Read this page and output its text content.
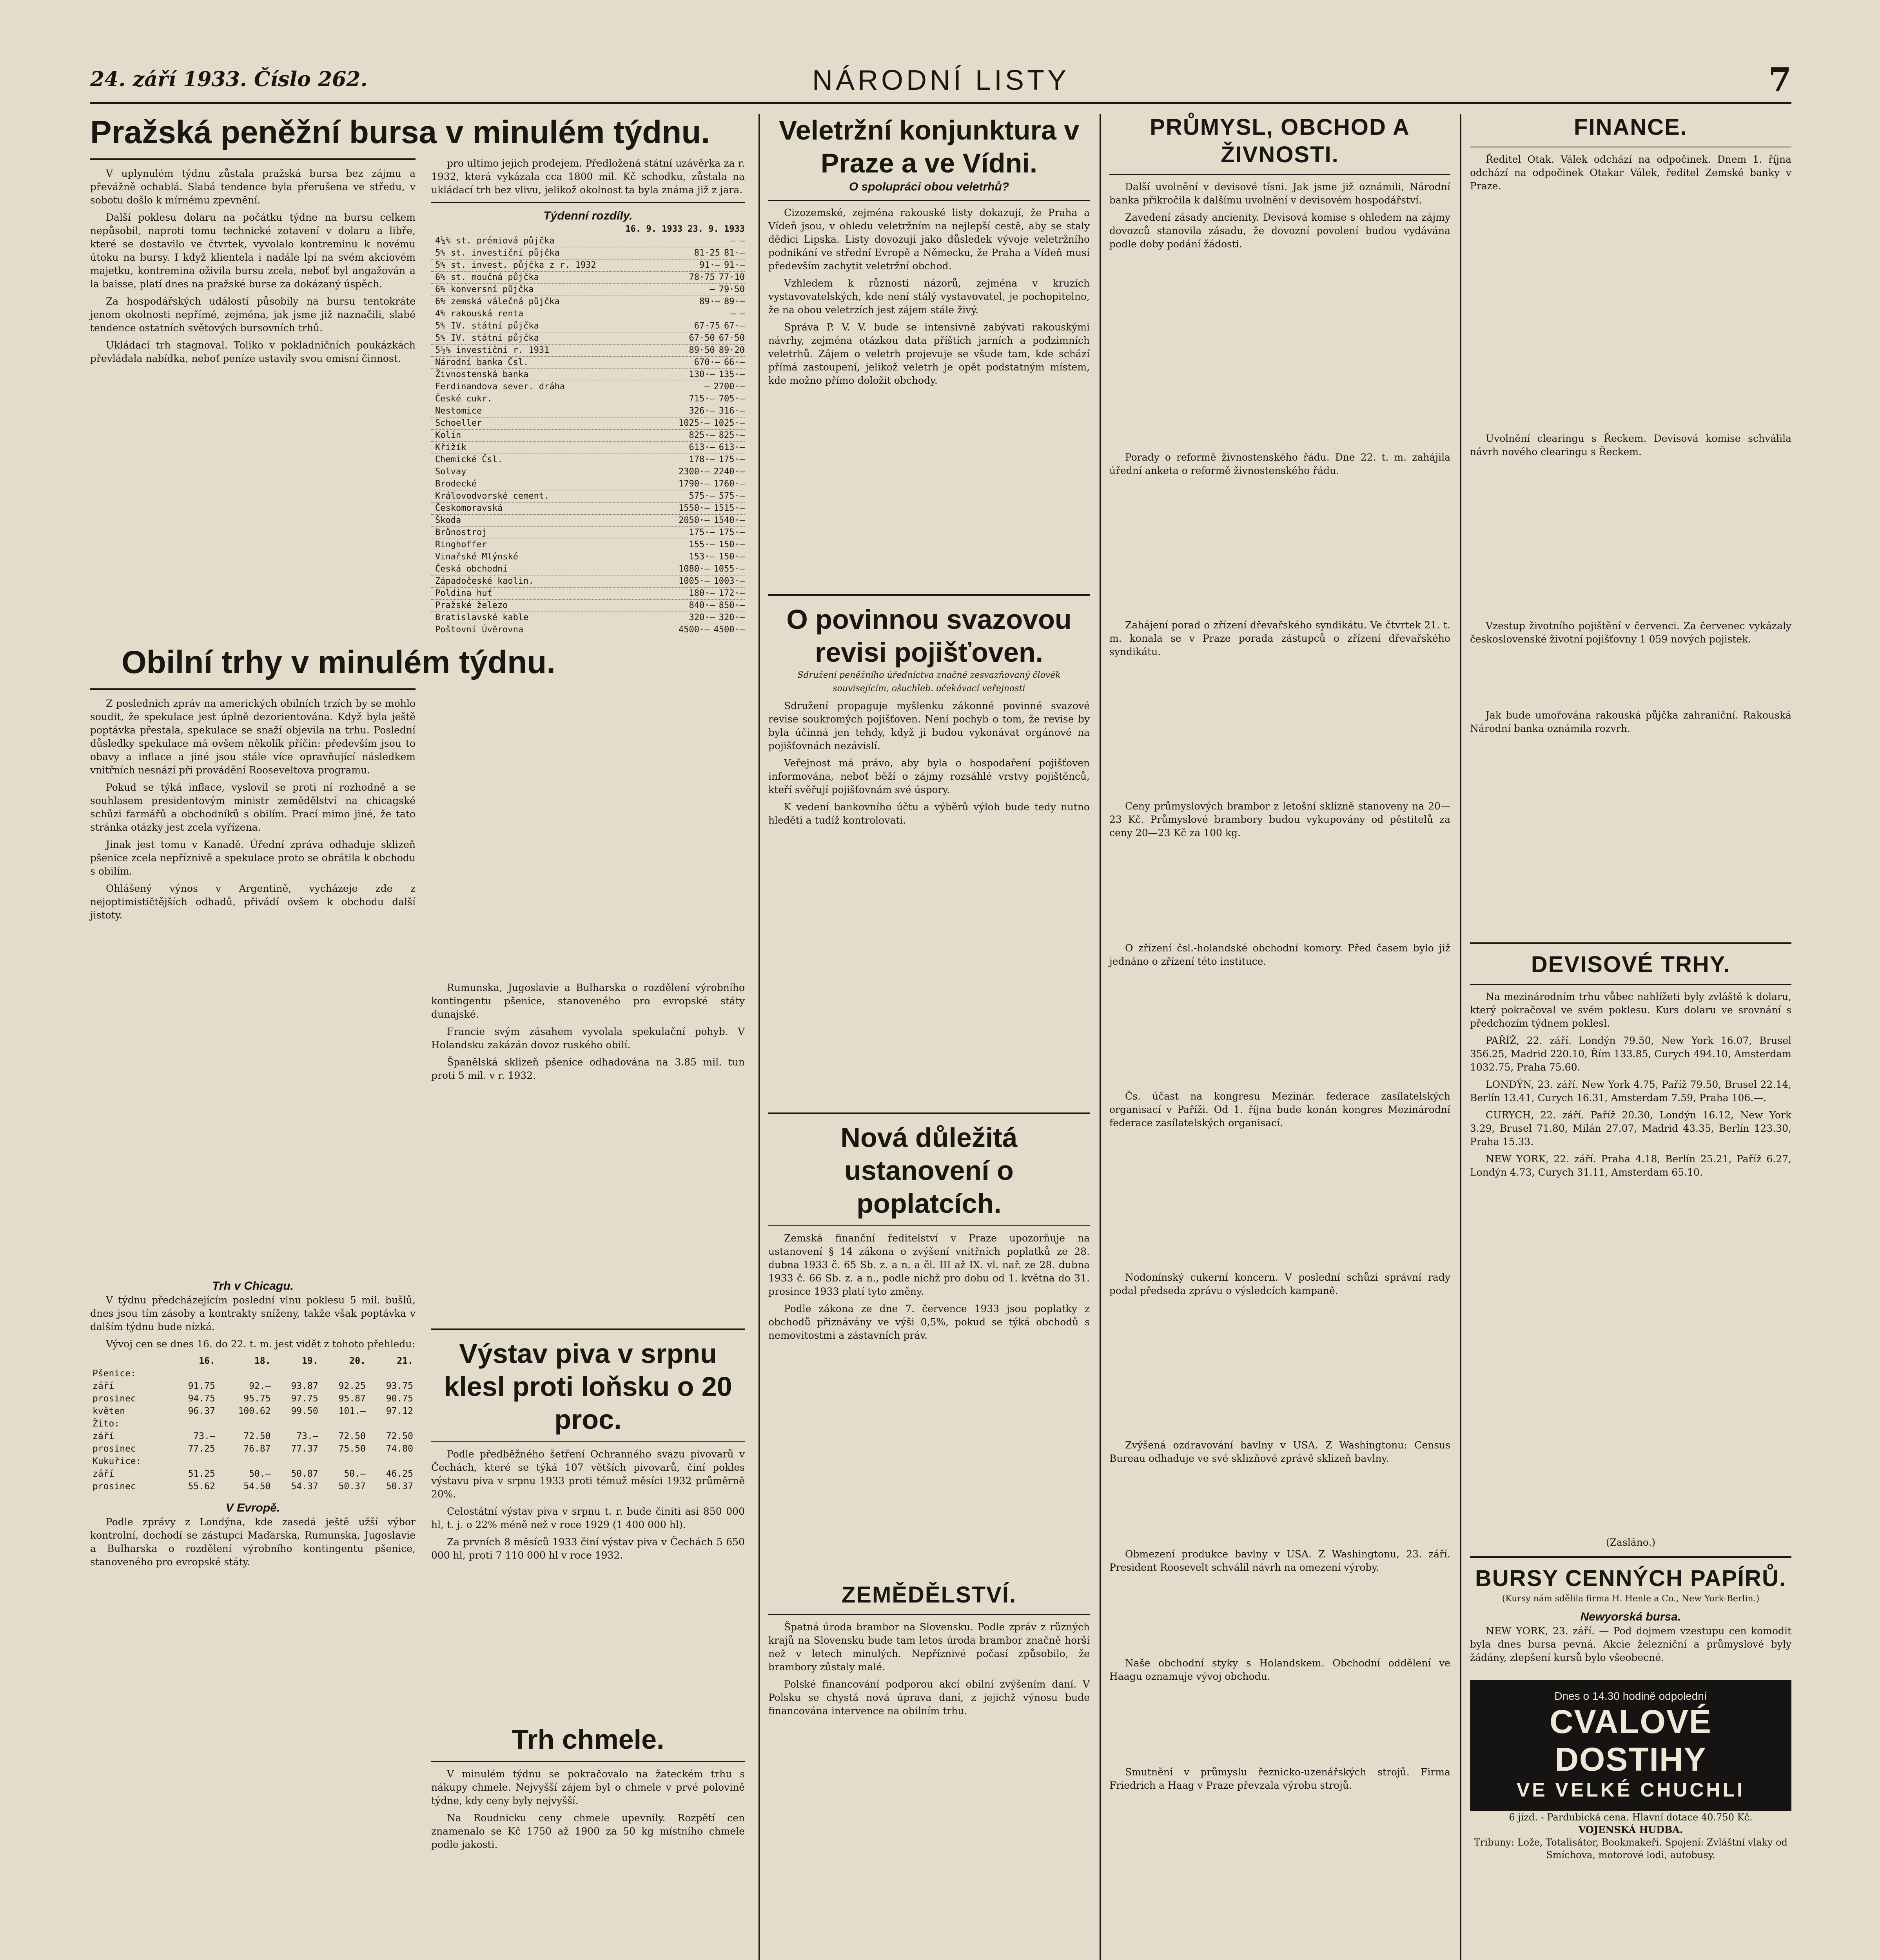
24. září 1933. Číslo 262.	NÁRODNÍ LISTY	7
Pražská peněžní bursa v minulém týdnu.

V uplynulém týdnu zůstala pražská bursa bez zájmu a převážně ochablá. Slabá tendence byla přerušena ve středu, v sobotu došlo k mírnému zpevnění.

Další poklesu dolaru na počátku týdne na bursu celkem nepůsobil, naproti tomu technické zotavení v dolaru a libře, které se dostavilo ve čtvrtek, vyvolalo kontreminu k novému útoku na bursy. I když klientela i nadále lpí na svém akciovém majetku, kontremina oživila bursu zcela, neboť byl angažován a la baisse, platí dnes na pražské burse za dokázaný úspěch.

Za hospodářských událostí působily na bursu tentokráte jenom okolnosti nepřímé, zejména, jak jsme již naznačili, slabé tendence ostatních světových bursovních trhů.

Ukládací trh stagnoval. Toliko v pokladničních poukázkách převládala nabídka, neboť peníze ustavily svou emisní činnost.

Obilní trhy v minulém týdnu.

Z posledních zpráv na amerických obilních trzích by se mohlo soudit, že spekulace jest úplně dezorientována. Když byla ještě poptávka přestala, spekulace se snaží objevila na trhu. Poslední důsledky spekulace má ovšem několik příčin: především jsou to obavy a inflace a jiné jsou stále více opravňující následkem vnitřních nesnází při provádění Rooseveltova programu.

Pokud se týká inflace, vyslovil se proti ní rozhodně a se souhlasem presidentovým ministr zemědělství na chicagské schůzi farmářů a obchodníků s obilím. Prací mimo jiné, že tato stránka otázky jest zcela vyřízena.

Jinak jest tomu v Kanadě. Úřední zpráva odhaduje sklizeň pšenice zcela nepříznivě a spekulace proto se obrátila k obchodu s obilím.

Ohlášený výnos v Argentině, vycházeje zde z nejoptimističtějších odhadů, přivádí ovšem k obchodu další jistoty.

Trh v Chicagu.

V týdnu předcházejícím poslední vlnu poklesu 5 mil. bušlů, dnes jsou tím zásoby a kontrakty sníženy, takže však poptávka v dalším týdnu bude nízká.

Vývoj cen se dnes 16. do 22. t. m. jest vidět z tohoto přehledu:

	16.	18.	19.	20.	21.
Pšenice:					
září	91.75	92.—	93.87	92.25	93.75
prosinec	94.75	95.75	97.75	95.87	90.75
květen	96.37	100.62	99.50	101.—	97.12
Žito:					
září	73.—	72.50	73.—	72.50	72.50
prosinec	77.25	76.87	77.37	75.50	74.80
Kukuřice:					
září	51.25	50.—	50.87	50.—	46.25
prosinec	55.62	54.50	54.37	50.37	50.37
V Evropě.

Podle zprávy z Londýna, kde zasedá ještě užší výbor kontrolní, dochodí se zástupci Maďarska, Rumunska, Jugoslavie a Bulharska o rozdělení výrobního kontingentu pšenice, stanoveného pro evropské státy.

pro ultimo jejich prodejem. Předložená státní uzávěrka za r. 1932, která vykázala cca 1800 mil. Kč schodku, zůstala na ukládací trh bez vlivu, jelikož okolnost ta byla známa již z jara.

Týdenní rozdíly.
16. 9. 1933 23. 9. 1933
4¼% st. prémiová půjčka	— —
5% st. investiční půjčka	81·25 81·—
5% st. invest. půjčka z r. 1932	91·— 91·—
6% st. moučná půjčka	78·75 77·10
6% konversní půjčka	— 79·50
6% zemská válečná půjčka	89·— 89·—
4% rakouská renta	— —
5% IV. státní půjčka	67·75 67·—
5% IV. státní půjčka	67·50 67·50
5½% investiční r. 1931	89·50 89·20
Národní banka Čsl.	670·— 66·—
Živnostenská banka	130·— 135·—
Ferdinandova sever. dráha	— 2700·—
České cukr.	715·— 705·—
Nestomice	326·— 316·—
Schoeller	1025·— 1025·—
Kolín	825·— 825·—
Křižík	613·— 613·—
Chemické Čsl.	178·— 175·—
Solvay	2300·— 2240·—
Brodecké	1790·— 1760·—
Královodvorské cement.	575·— 575·—
Českomoravská	1550·— 1515·—
Škoda	2050·— 1540·—
Brůnostroj	175·— 175·—
Ringhoffer	155·— 150·—
Vinařské Mlýnské	153·— 150·—
Česká obchodní	1080·— 1055·—
Západočeské kaolin.	1005·— 1003·—
Poldina huť	180·— 172·—
Pražské železo	840·— 850·—
Bratislavské kable	320·— 320·—
Poštovní Úvěrovna	4500·— 4500·—

Rumunska, Jugoslavie a Bulharska o rozdělení výrobního kontingentu pšenice, stanoveného pro evropské státy dunajské.

Francie svým zásahem vyvolala spekulační pohyb. V Holandsku zakázán dovoz ruského obilí.

Španělská sklizeň pšenice odhadována na 3.85 mil. tun proti 5 mil. v r. 1932.

Výstav piva v srpnu klesl proti loňsku o 20 proc.

Podle předběžného šetření Ochranného svazu pivovarů v Čechách, které se týká 107 větších pivovarů, činí pokles výstavu piva v srpnu 1933 proti témuž měsíci 1932 průměrně 20%.

Celostátní výstav piva v srpnu t. r. bude činiti asi 850 000 hl, t. j. o 22% méně než v roce 1929 (1 400 000 hl).

Za prvních 8 měsíců 1933 činí výstav piva v Čechách 5 650 000 hl, proti 7 110 000 hl v roce 1932.

Trh chmele.

V minulém týdnu se pokračovalo na žateckém trhu s nákupy chmele. Nejvyšší zájem byl o chmele v prvé polovině týdne, kdy ceny byly nejvyšší.

Na Roudnicku ceny chmele upevnily. Rozpětí cen znamenalo se Kč 1750 až 1900 za 50 kg místního chmele podle jakosti.

Veletržní konjunktura v Praze a ve Vídni.
O spolupráci obou veletrhů?

Cizozemské, zejména rakouské listy dokazují, že Praha a Vídeň jsou, v ohledu veletržním na nejlepší cestě, aby se staly dědici Lipska. Listy dovozují jako důsledek vývoje veletržního podnikání ve střední Evropě a Německu, že Praha a Vídeň musí především zachytit veletržní obchod.

Vzhledem k různosti názorů, zejména v kruzích vystavovatelských, kde není stálý vystavovatel, je pochopitelno, že na obou veletrzích jest zájem stále živý.

Správa P. V. V. bude se intensivně zabývati rakouskými návrhy, zejména otázkou data příštích jarních a podzimních veletrhů. Zájem o veletrh projevuje se všude tam, kde schází přímá zastoupení, jelikož veletrh je opět podstatným místem, kde možno přímo doložit obchody.

O povinnou svazovou revisi pojišťoven.

Sdružení peněžního úředníctva značně zesvazňovaný člověk souvisejícím, ošuchleb. očekávací veřejnosti

Sdružení propaguje myšlenku zákonné povinné svazové revise soukromých pojišťoven. Není pochyb o tom, že revise by byla účinná jen tehdy, když ji budou vykonávat orgánové na pojišťovnách nezávislí.

Veřejnost má právo, aby byla o hospodaření pojišťoven informována, neboť běží o zájmy rozsáhlé vrstvy pojištěnců, kteří svěřují pojišťovnám své úspory.

K vedení bankovního účtu a výběrů výloh bude tedy nutno hleděti a tudíž kontrolovati.

Nová důležitá ustanovení o poplatcích.

Zemská finanční ředitelství v Praze upozorňuje na ustanovení § 14 zákona o zvýšení vnitřních poplatků ze 28. dubna 1933 č. 65 Sb. z. a n. a čl. III až IX. vl. nař. ze 28. dubna 1933 č. 66 Sb. z. a n., podle nichž pro dobu od 1. května do 31. prosince 1933 platí tyto změny.

Podle zákona ze dne 7. července 1933 jsou poplatky z obchodů přiznávány ve výši 0,5%, pokud se týká obchodů s nemovitostmi a zástavních práv.

ZEMĚDĚLSTVÍ.

Špatná úroda brambor na Slovensku. Podle zpráv z různých krajů na Slovensku bude tam letos úroda brambor značně horší než v letech minulých. Nepříznivé počasí způsobilo, že brambory zůstaly malé.

Polské financování podporou akcí obilní zvýšením daní. V Polsku se chystá nová úprava daní, z jejichž výnosu bude financována intervence na obilním trhu.

PRŮMYSL, OBCHOD A ŽIVNOSTI.

Další uvolnění v devisové tísni. Jak jsme již oznámili, Národní banka přikročila k dalšímu uvolnění v devisovém hospodářství.

Zavedení zásady ancienity. Devisová komise s ohledem na zájmy dovozců stanovila zásadu, že dovozní povolení budou vydávána podle doby podání žádosti.

Porady o reformě živnostenského řádu. Dne 22. t. m. zahájila úřední anketa o reformě živnostenského řádu.

Zahájení porad o zřízení dřevařského syndikátu. Ve čtvrtek 21. t. m. konala se v Praze porada zástupců o zřízení dřevařského syndikátu.

Ceny průmyslových brambor z letošní sklizně stanoveny na 20—23 Kč. Průmyslové brambory budou vykupovány od pěstitelů za ceny 20—23 Kč za 100 kg.

O zřízení čsl.-holandské obchodní komory. Před časem bylo již jednáno o zřízení této instituce.

Čs. účast na kongresu Mezinár. federace zasílatelských organisací v Paříži. Od 1. října bude konán kongres Mezinárodní federace zasílatelských organisací.

Nodonínský cukerní koncern. V poslední schůzi správní rady podal předseda zprávu o výsledcích kampaně.

Zvýšená ozdravování bavlny v USA. Z Washingtonu: Census Bureau odhaduje ve své sklizňové zprávě sklizeň bavlny.

Obmezení produkce bavlny v USA. Z Washingtonu, 23. září. President Roosevelt schválil návrh na omezení výroby.

Naše obchodní styky s Holandskem. Obchodní oddělení ve Haagu oznamuje vývoj obchodu.

Smutnění v průmyslu řeznicko-uzenářských strojů. Firma Friedrich a Haag v Praze převzala výrobu strojů.

FINANCE.

Ředitel Otak. Válek odchází na odpočinek. Dnem 1. října odchází na odpočinek Otakar Válek, ředitel Zemské banky v Praze.

Uvolnění clearingu s Řeckem. Devisová komise schválila návrh nového clearingu s Řeckem.

Vzestup životního pojištění v červenci. Za červenec vykázaly československé životní pojišťovny 1 059 nových pojistek.

Jak bude umořována rakouská půjčka zahraniční. Rakouská Národní banka oznámila rozvrh.

DEVISOVÉ TRHY.

Na mezinárodním trhu vůbec nahlížeti byly zvláště k dolaru, který pokračoval ve svém poklesu. Kurs dolaru ve srovnání s předchozím týdnem poklesl.

PAŘÍŽ, 22. září. Londýn 79.50, New York 16.07, Brusel 356.25, Madrid 220.10, Řím 133.85, Curych 494.10, Amsterdam 1032.75, Praha 75.60.

LONDÝN, 23. září. New York 4.75, Paříž 79.50, Brusel 22.14, Berlín 13.41, Curych 16.31, Amsterdam 7.59, Praha 106.—.

CURYCH, 22. září. Paříž 20.30, Londýn 16.12, New York 3.29, Brusel 71.80, Milán 27.07, Madrid 43.35, Berlín 123.30, Praha 15.33.

NEW YORK, 22. září. Praha 4.18, Berlín 25.21, Paříž 6.27, Londýn 4.73, Curych 31.11, Amsterdam 65.10.

(Zasláno.)

BURSY CENNÝCH PAPÍRŮ.

(Kursy nám sdělila firma H. Henle a Co., New York-Berlin.)

Newyorská bursa.

NEW YORK, 23. září. — Pod dojmem vzestupu cen komodit byla dnes bursa pevná. Akcie železniční a průmyslové byly žádány, zlepšení kursů bylo všeobecné.

Dnes o 14.30 hodině odpolední
CVALOVÉ DOSTIHY
VE VELKÉ CHUCHLI
6 jízd. - Pardubická cena. Hlavní dotace 40.750 Kč.
VOJENSKÁ HUDBA.
Tribuny: Lože, Totalisátor, Bookmakeři. Spojení: Zvláštní vlaky od Smíchova, motorové lodi, autobusy.
